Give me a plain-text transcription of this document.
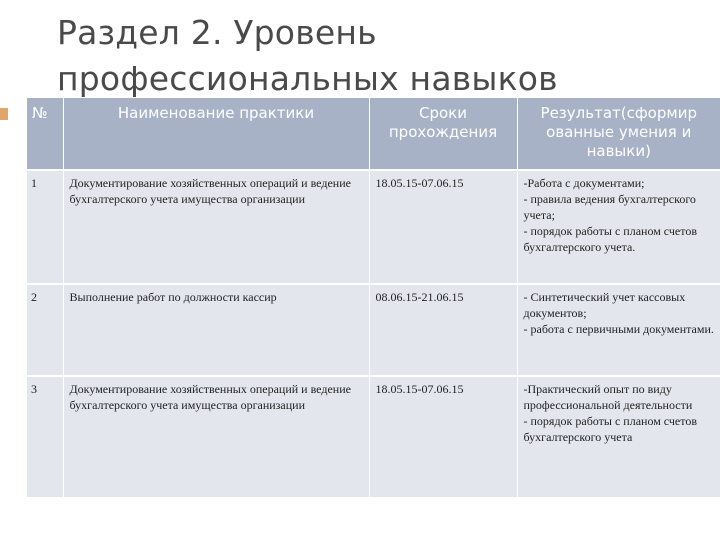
Раздел 2. Уровень
профессиональных навыков
№	Наименование практики	Сроки прохождения	Результат(сформир ованные умения и навыки)
1	Документирование хозяйственных операций и ведение бухгалтерского учета имущества организации	18.05.15-07.06.15	-Работа с документами;
- правила ведения бухгалтерского учета;
- порядок работы с планом счетов бухгалтерского учета.

2	Выполнение работ по должности кассир	08.06.15-21.06.15	- Синтетический учет кассовых документов;
- работа с первичными документами.

3	Документирование хозяйственных операций и ведение бухгалтерского учета имущества организации	18.05.15-07.06.15	-Практический опыт по виду профессиональной деятельности
- порядок работы с планом счетов бухгалтерского учета
